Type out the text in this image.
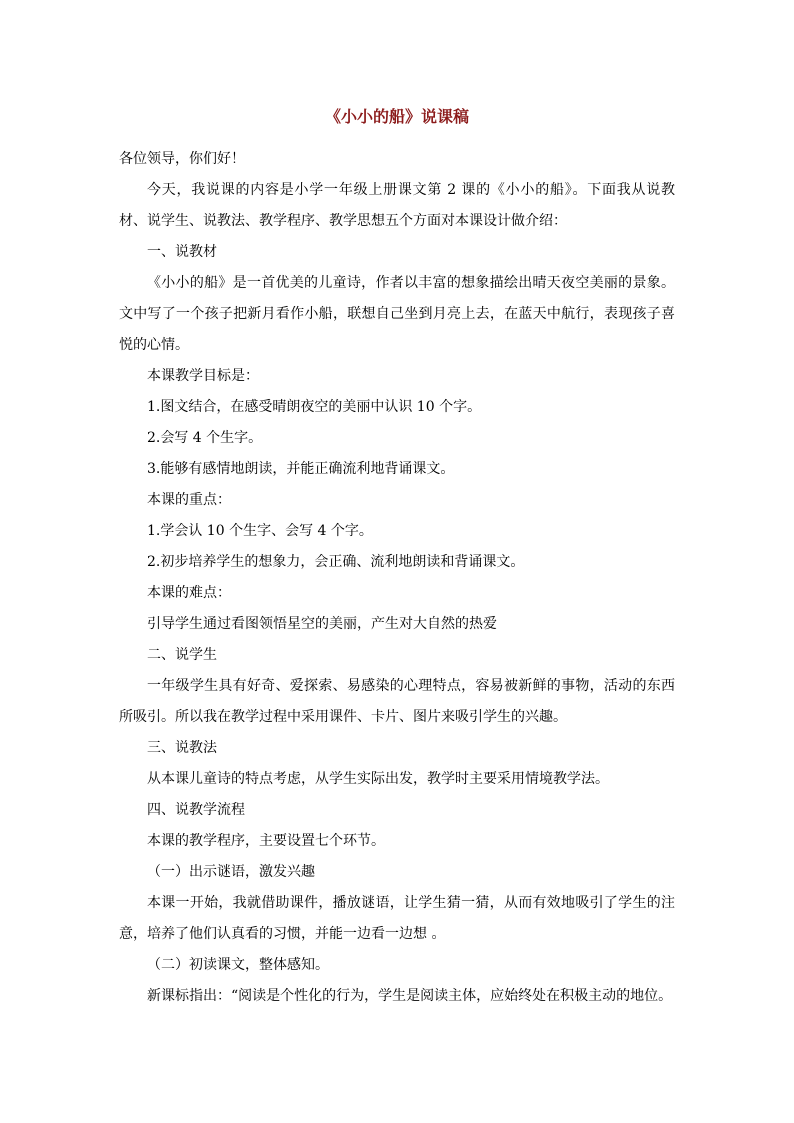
《小小的船》说课稿

各位领导，你们好！

今天，我说课的内容是小学一年级上册课文第 2 课的《小小的船》。下面我从说教材、说学生、说教法、教学程序、教学思想五个方面对本课设计做介绍：

一、说教材

《小小的船》是一首优美的儿童诗，作者以丰富的想象描绘出晴天夜空美丽的景象。文中写了一个孩子把新月看作小船，联想自己坐到月亮上去，在蓝天中航行，表现孩子喜悦的心情。

本课教学目标是：

1.图文结合，在感受晴朗夜空的美丽中认识 10 个字。

2.会写 4 个生字。

3.能够有感情地朗读，并能正确流利地背诵课文。

本课的重点：

1.学会认 10 个生字、会写 4 个字。

2.初步培养学生的想象力，会正确、流利地朗读和背诵课文。

本课的难点：

引导学生通过看图领悟星空的美丽，产生对大自然的热爱

二、说学生

一年级学生具有好奇、爱探索、易感染的心理特点，容易被新鲜的事物，活动的东西所吸引。所以我在教学过程中采用课件、卡片、图片来吸引学生的兴趣。

三、说教法

从本课儿童诗的特点考虑，从学生实际出发，教学时主要采用情境教学法。

四、说教学流程

本课的教学程序，主要设置七个环节。

（一）出示谜语，激发兴趣

本课一开始，我就借助课件，播放谜语，让学生猜一猜，从而有效地吸引了学生的注意，培养了他们认真看的习惯，并能一边看一边想 。

（二）初读课文，整体感知。

新课标指出：“阅读是个性化的行为，学生是阅读主体，应始终处在积极主动的地位。
